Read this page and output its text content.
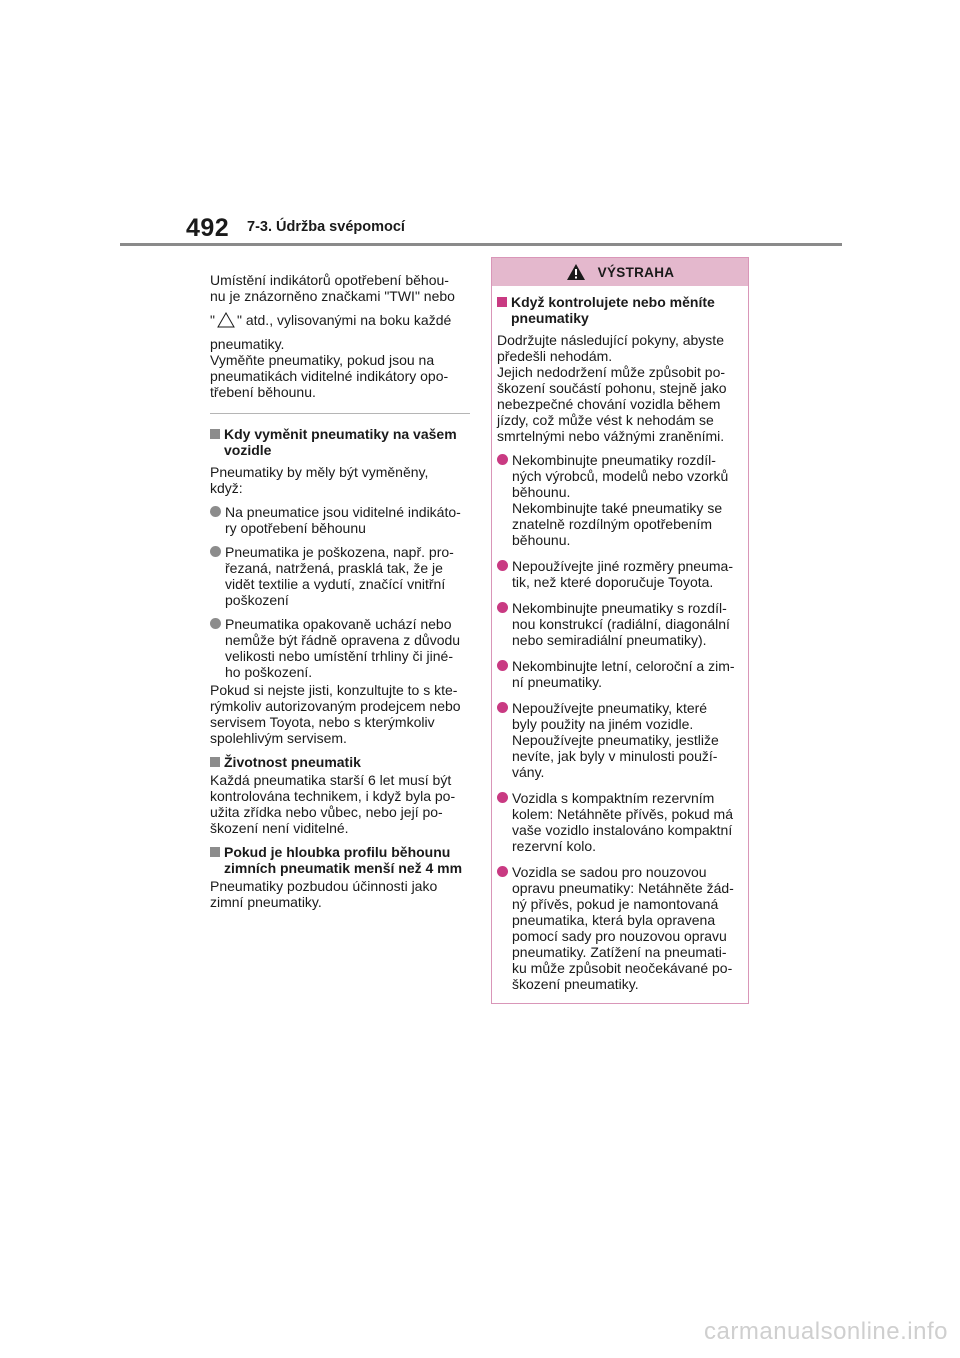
492 7-3. Údržba svépomocí

Umístění indikátorů opotřebení běhou-
nu je znázorněno značkami "TWI" nebo

" " atd., vylisovanými na boku každé

pneumatiky.
Vyměňte pneumatiky, pokud jsou na
pneumatikách viditelné indikátory opo-
třebení běhounu.

Kdy vyměnit pneumatiky na vašem
vozidle

Pneumatiky by měly být vyměněny,
když:

Na pneumatice jsou viditelné indikáto-
ry opotřebení běhounu
Pneumatika je poškozena, např. pro-
řezaná, natržená, prasklá tak, že je
vidět textilie a vydutí, značící vnitřní
poškození
Pneumatika opakovaně uchází nebo
nemůže být řádně opravena z důvodu
velikosti nebo umístění trhliny či jiné-
ho poškození.

Pokud si nejste jisti, konzultujte to s kte-
rýmkoliv autorizovaným prodejcem nebo
servisem Toyota, nebo s kterýmkoliv
spolehlivým servisem.

Životnost pneumatik

Každá pneumatika starší 6 let musí být
kontrolována technikem, i když byla po-
užita zřídka nebo vůbec, nebo její po-
škození není viditelné.

Pokud je hloubka profilu běhounu
zimních pneumatik menší než 4 mm

Pneumatiky pozbudou účinnosti jako
zimní pneumatiky.

VÝSTRAHA
Když kontrolujete nebo měníte
pneumatiky

Dodržujte následující pokyny, abyste
předešli nehodám.
Jejich nedodržení může způsobit po-
škození součástí pohonu, stejně jako
nebezpečné chování vozidla během
jízdy, což může vést k nehodám se
smrtelnými nebo vážnými zraněními.

Nekombinujte pneumatiky rozdíl-
ných výrobců, modelů nebo vzorků
běhounu.
Nekombinujte také pneumatiky se
znatelně rozdílným opotřebením
běhounu.
Nepoužívejte jiné rozměry pneuma-
tik, než které doporučuje Toyota.
Nekombinujte pneumatiky s rozdíl-
nou konstrukcí (radiální, diagonální
nebo semiradiální pneumatiky).
Nekombinujte letní, celoroční a zim-
ní pneumatiky.
Nepoužívejte pneumatiky, které
byly použity na jiném vozidle.
Nepoužívejte pneumatiky, jestliže
nevíte, jak byly v minulosti použí-
vány.
Vozidla s kompaktním rezervním
kolem: Netáhněte přívěs, pokud má
vaše vozidlo instalováno kompaktní
rezervní kolo.
Vozidla se sadou pro nouzovou
opravu pneumatiky: Netáhněte žád-
ný přívěs, pokud je namontovaná
pneumatika, která byla opravena
pomocí sady pro nouzovou opravu
pneumatiky. Zatížení na pneumati-
ku může způsobit neočekávané po-
škození pneumatiky.
carmanualsonline.info
